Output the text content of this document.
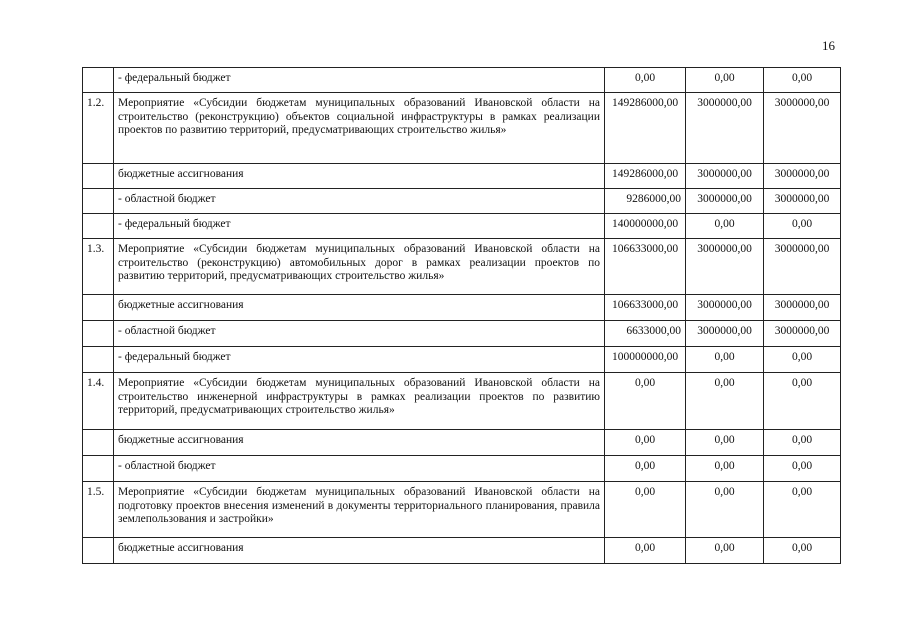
16
	- федеральный бюджет	0,00	0,00	0,00
1.2.	Мероприятие «Субсидии бюджетам муниципальных образований Ивановской области на строительство (реконструкцию) объектов социальной инфраструктуры в рамках реализации проектов по развитию территорий, предусматривающих строительство жилья»	149286000,00	3000000,00	3000000,00
	бюджетные ассигнования	149286000,00	3000000,00	3000000,00
	- областной бюджет	9286000,00	3000000,00	3000000,00
	- федеральный бюджет	140000000,00	0,00	0,00
1.3.	Мероприятие «Субсидии бюджетам муниципальных образований Ивановской области на строительство (реконструкцию) автомобильных дорог в рамках реализации проектов по развитию территорий, предусматривающих строительство жилья»	106633000,00	3000000,00	3000000,00
	бюджетные ассигнования	106633000,00	3000000,00	3000000,00
	- областной бюджет	6633000,00	3000000,00	3000000,00
	- федеральный бюджет	100000000,00	0,00	0,00
1.4.	Мероприятие «Субсидии бюджетам муниципальных образований Ивановской области на строительство инженерной инфраструктуры в рамках реализации проектов по развитию территорий, предусматривающих строительство жилья»	0,00	0,00	0,00
	бюджетные ассигнования	0,00	0,00	0,00
	- областной бюджет	0,00	0,00	0,00
1.5.	Мероприятие «Субсидии бюджетам муниципальных образований Ивановской области на подготовку проектов внесения изменений в документы территориального планирования, правила землепользования и застройки»	0,00	0,00	0,00
	бюджетные ассигнования	0,00	0,00	0,00
